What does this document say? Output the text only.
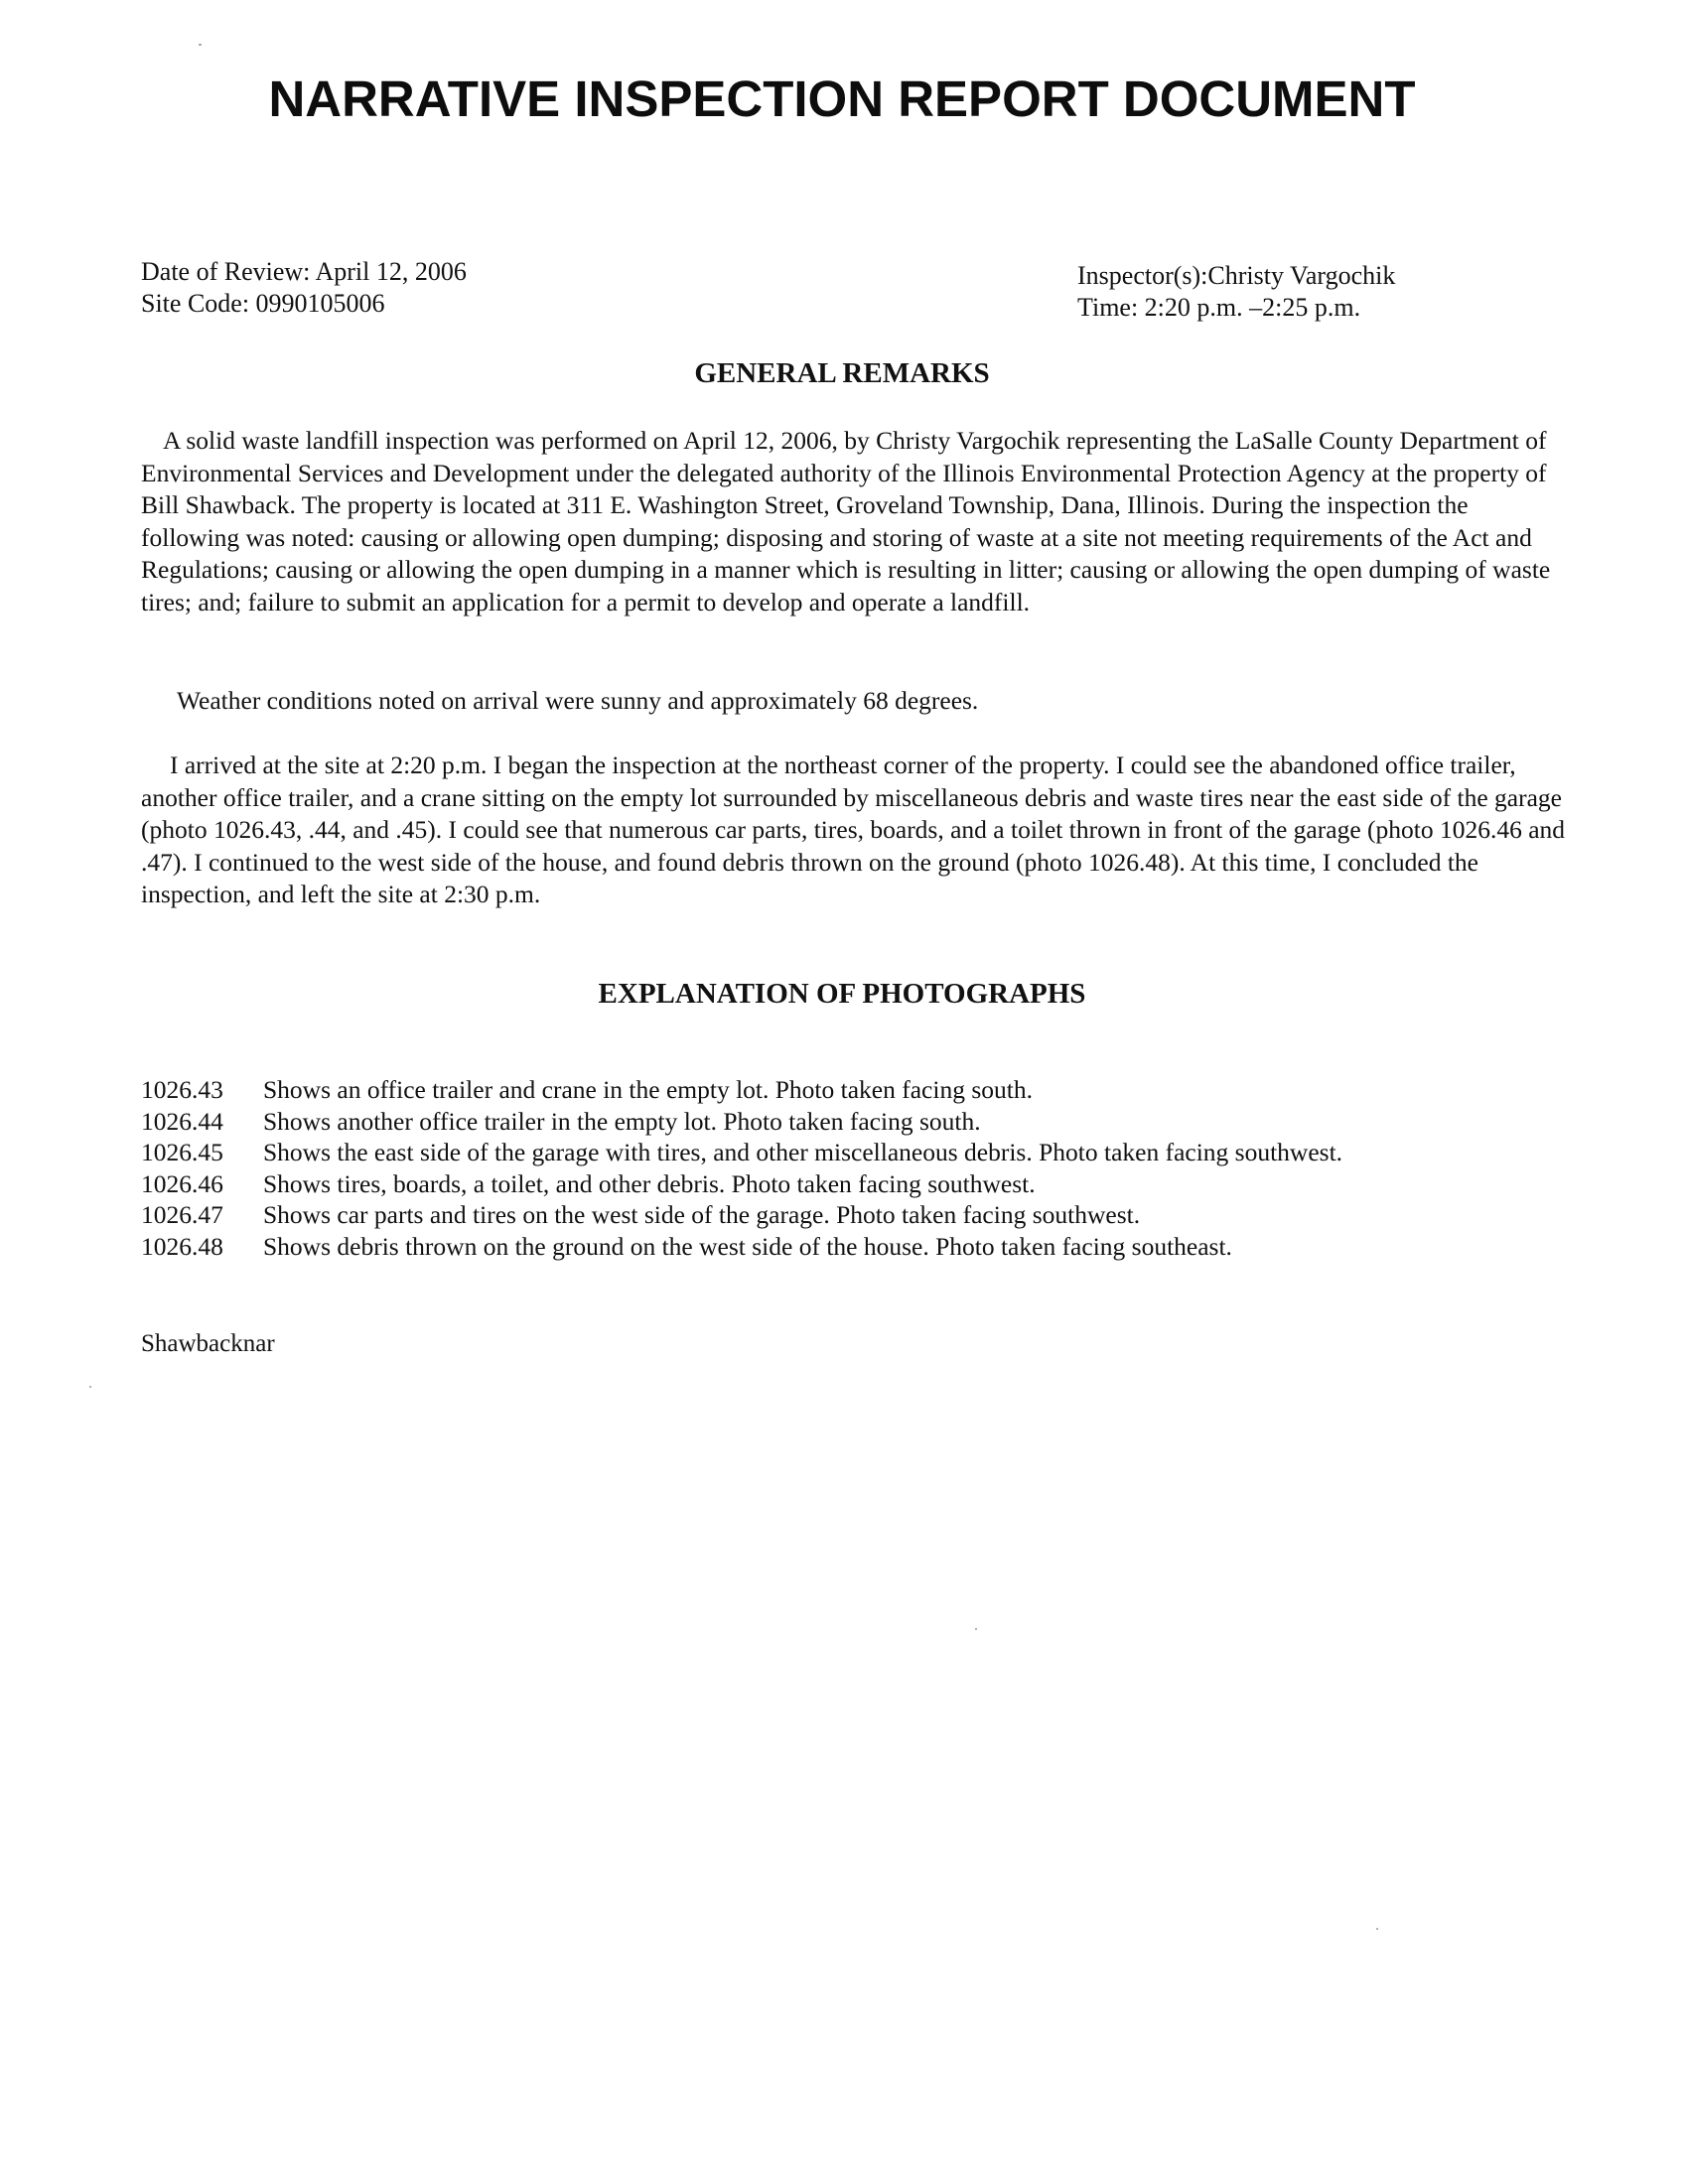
NARRATIVE INSPECTION REPORT DOCUMENT
Date of Review: April 12, 2006
Site Code: 0990105006
Inspector(s):Christy Vargochik
Time: 2:20 p.m. –2:25 p.m.
GENERAL REMARKS
A solid waste landfill inspection was performed on April 12, 2006, by Christy Vargochik representing the LaSalle County Department of Environmental Services and Development under the delegated authority of the Illinois Environmental Protection Agency at the property of Bill Shawback. The property is located at 311 E. Washington Street, Groveland Township, Dana, Illinois. During the inspection the following was noted: causing or allowing open dumping; disposing and storing of waste at a site not meeting requirements of the Act and Regulations; causing or allowing the open dumping in a manner which is resulting in litter; causing or allowing the open dumping of waste tires; and; failure to submit an application for a permit to develop and operate a landfill.
Weather conditions noted on arrival were sunny and approximately 68 degrees.
I arrived at the site at 2:20 p.m. I began the inspection at the northeast corner of the property. I could see the abandoned office trailer, another office trailer, and a crane sitting on the empty lot surrounded by miscellaneous debris and waste tires near the east side of the garage (photo 1026.43, .44, and .45). I could see that numerous car parts, tires, boards, and a toilet thrown in front of the garage (photo 1026.46 and .47). I continued to the west side of the house, and found debris thrown on the ground (photo 1026.48). At this time, I concluded the inspection, and left the site at 2:30 p.m.
EXPLANATION OF PHOTOGRAPHS
1026.43	Shows an office trailer and crane in the empty lot. Photo taken facing south.
1026.44	Shows another office trailer in the empty lot. Photo taken facing south.
1026.45	Shows the east side of the garage with tires, and other miscellaneous debris. Photo taken facing southwest.
1026.46	Shows tires, boards, a toilet, and other debris. Photo taken facing southwest.
1026.47	Shows car parts and tires on the west side of the garage. Photo taken facing southwest.
1026.48	Shows debris thrown on the ground on the west side of the house. Photo taken facing southeast.
Shawbacknar
